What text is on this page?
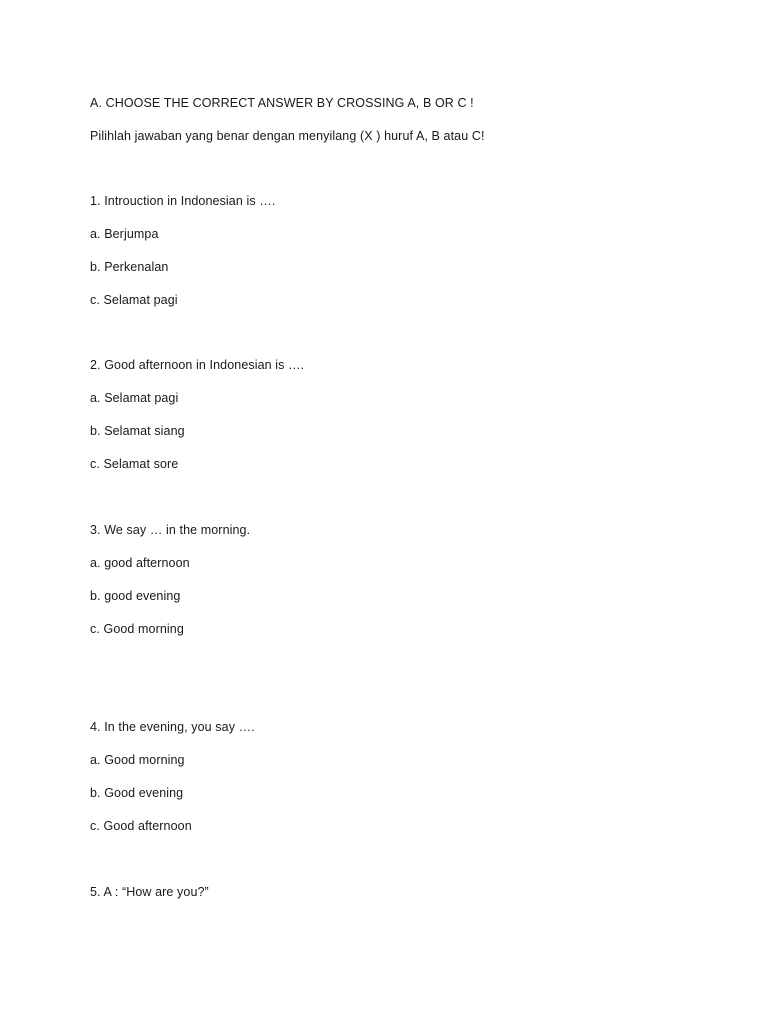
A. CHOOSE THE CORRECT ANSWER BY CROSSING A, B OR C !
Pilihlah jawaban yang benar dengan menyilang (X ) huruf A, B atau C!
1. Introuction in Indonesian is ….
a. Berjumpa
b. Perkenalan
c. Selamat pagi
2. Good afternoon in Indonesian is ….
a. Selamat pagi
b. Selamat siang
c. Selamat sore
3. We say … in the morning.
a. good afternoon
b. good evening
c. Good morning
4. In the evening, you say ….
a. Good morning
b. Good evening
c. Good afternoon
5. A : “How are you?”
